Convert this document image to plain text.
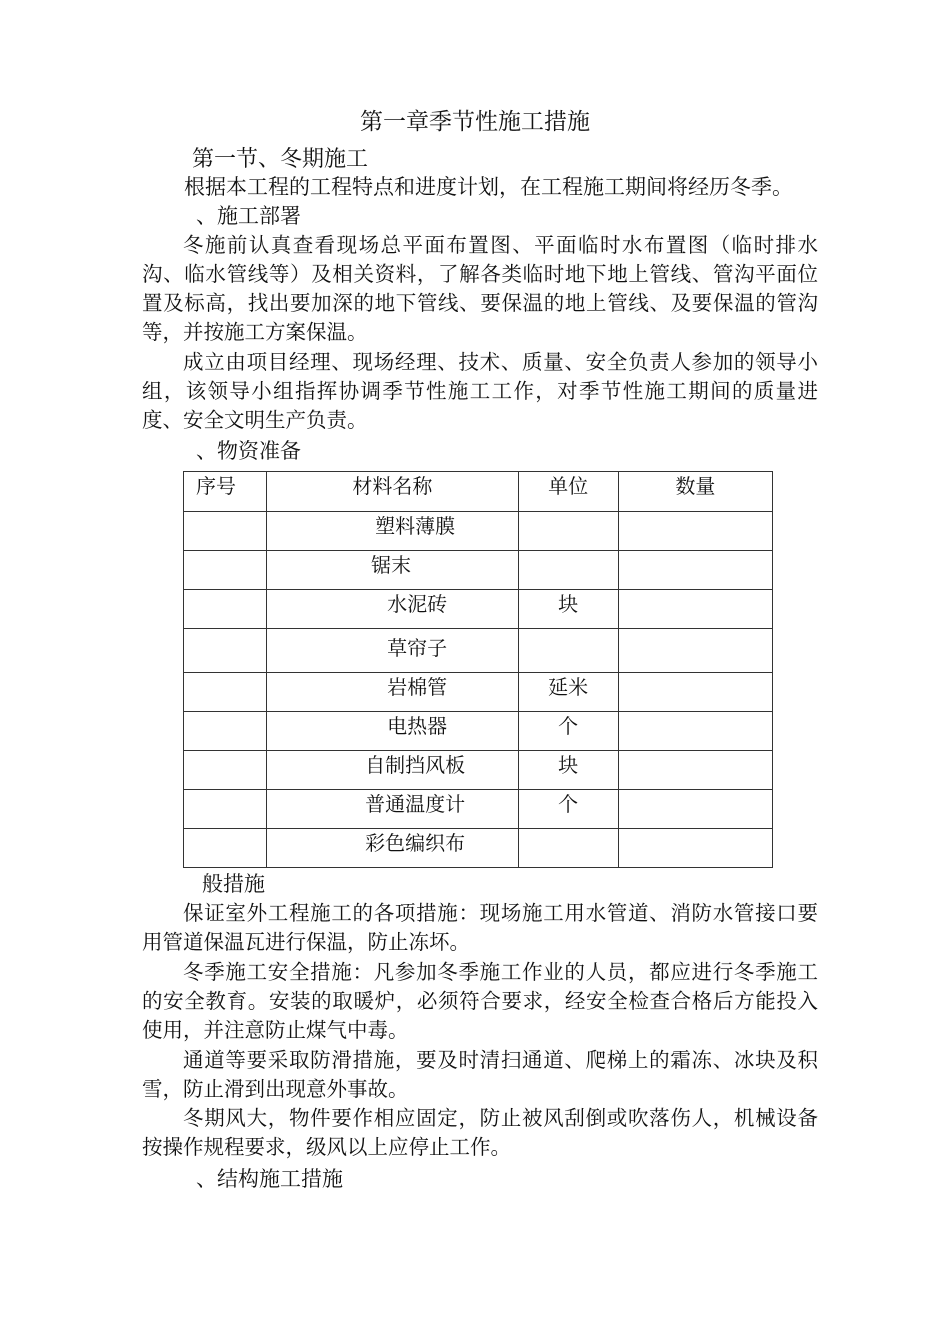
第一章季节性施工措施
第一节、冬期施工
根据本工程的工程特点和进度计划，在工程施工期间将经历冬季。
、施工部署
冬施前认真查看现场总平面布置图、平面临时水布置图（临时排水沟、临水管线等）及相关资料，了解各类临时地下地上管线、管沟平面位置及标高，找出要加深的地下管线、要保温的地上管线、及要保温的管沟等，并按施工方案保温。
成立由项目经理、现场经理、技术、质量、安全负责人参加的领导小组，该领导小组指挥协调季节性施工工作，对季节性施工期间的质量进度、安全文明生产负责。
、物资准备
序号	材料名称	单位	数量
	塑料薄膜		
	锯末		
	水泥砖	块	
	草帘子		
	岩棉管	延米	
	电热器	个	
	自制挡风板	块	
	普通温度计	个	
	彩色编织布		
般措施
保证室外工程施工的各项措施：现场施工用水管道、消防水管接口要用管道保温瓦进行保温，防止冻坏。
冬季施工安全措施：凡参加冬季施工作业的人员，都应进行冬季施工的安全教育。安装的取暖炉，必须符合要求，经安全检查合格后方能投入使用，并注意防止煤气中毒。
通道等要采取防滑措施，要及时清扫通道、爬梯上的霜冻、冰块及积雪，防止滑到出现意外事故。
冬期风大，物件要作相应固定，防止被风刮倒或吹落伤人，机械设备按操作规程要求，级风以上应停止工作。
、结构施工措施
